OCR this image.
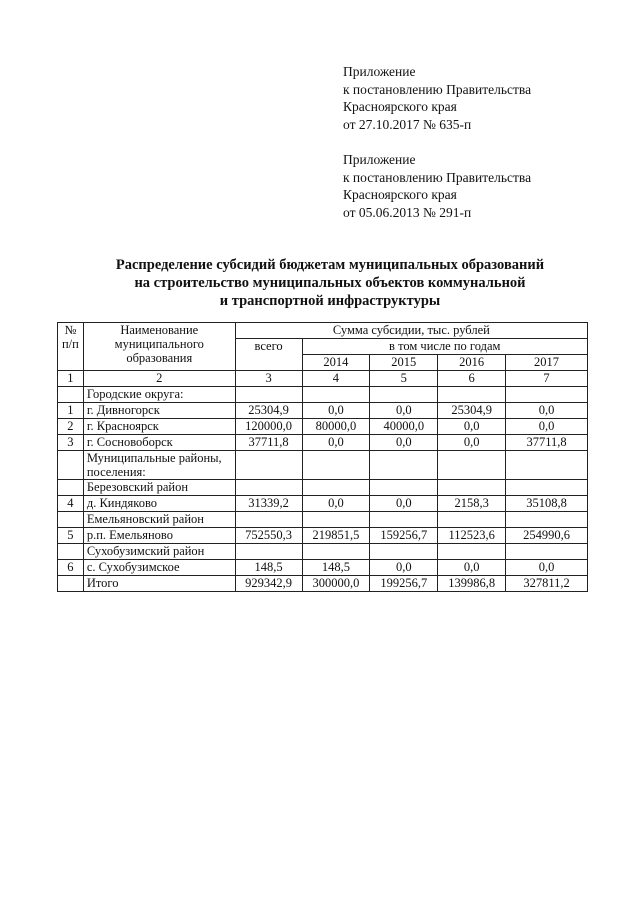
Приложение
к постановлению Правительства
Красноярского края
от 27.10.2017 № 635-п
Приложение
к постановлению Правительства
Красноярского края
от 05.06.2013 № 291-п
Распределение субсидий бюджетам муниципальных образований
на строительство муниципальных объектов коммунальной
и транспортной инфраструктуры
№ п/п	Наименование муниципального образования	Сумма субсидии, тыс. рублей				
		всего	в том числе по годам			
			2014	2015	2016	2017
1	2	3	4	5	6	7
	Городские округа:					
1	г. Дивногорск	25304,9	0,0	0,0	25304,9	0,0
2	г. Красноярск	120000,0	80000,0	40000,0	0,0	0,0
3	г. Сосновоборск	37711,8	0,0	0,0	0,0	37711,8
	Муниципальные районы, поселения:					
	Березовский район					
4	д. Киндяково	31339,2	0,0	0,0	2158,3	35108,8
	Емельяновский район					
5	р.п. Емельяново	752550,3	219851,5	159256,7	112523,6	254990,6
	Сухобузимский район					
6	с. Сухобузимское	148,5	148,5	0,0	0,0	0,0
	Итого	929342,9	300000,0	199256,7	139986,8	327811,2
